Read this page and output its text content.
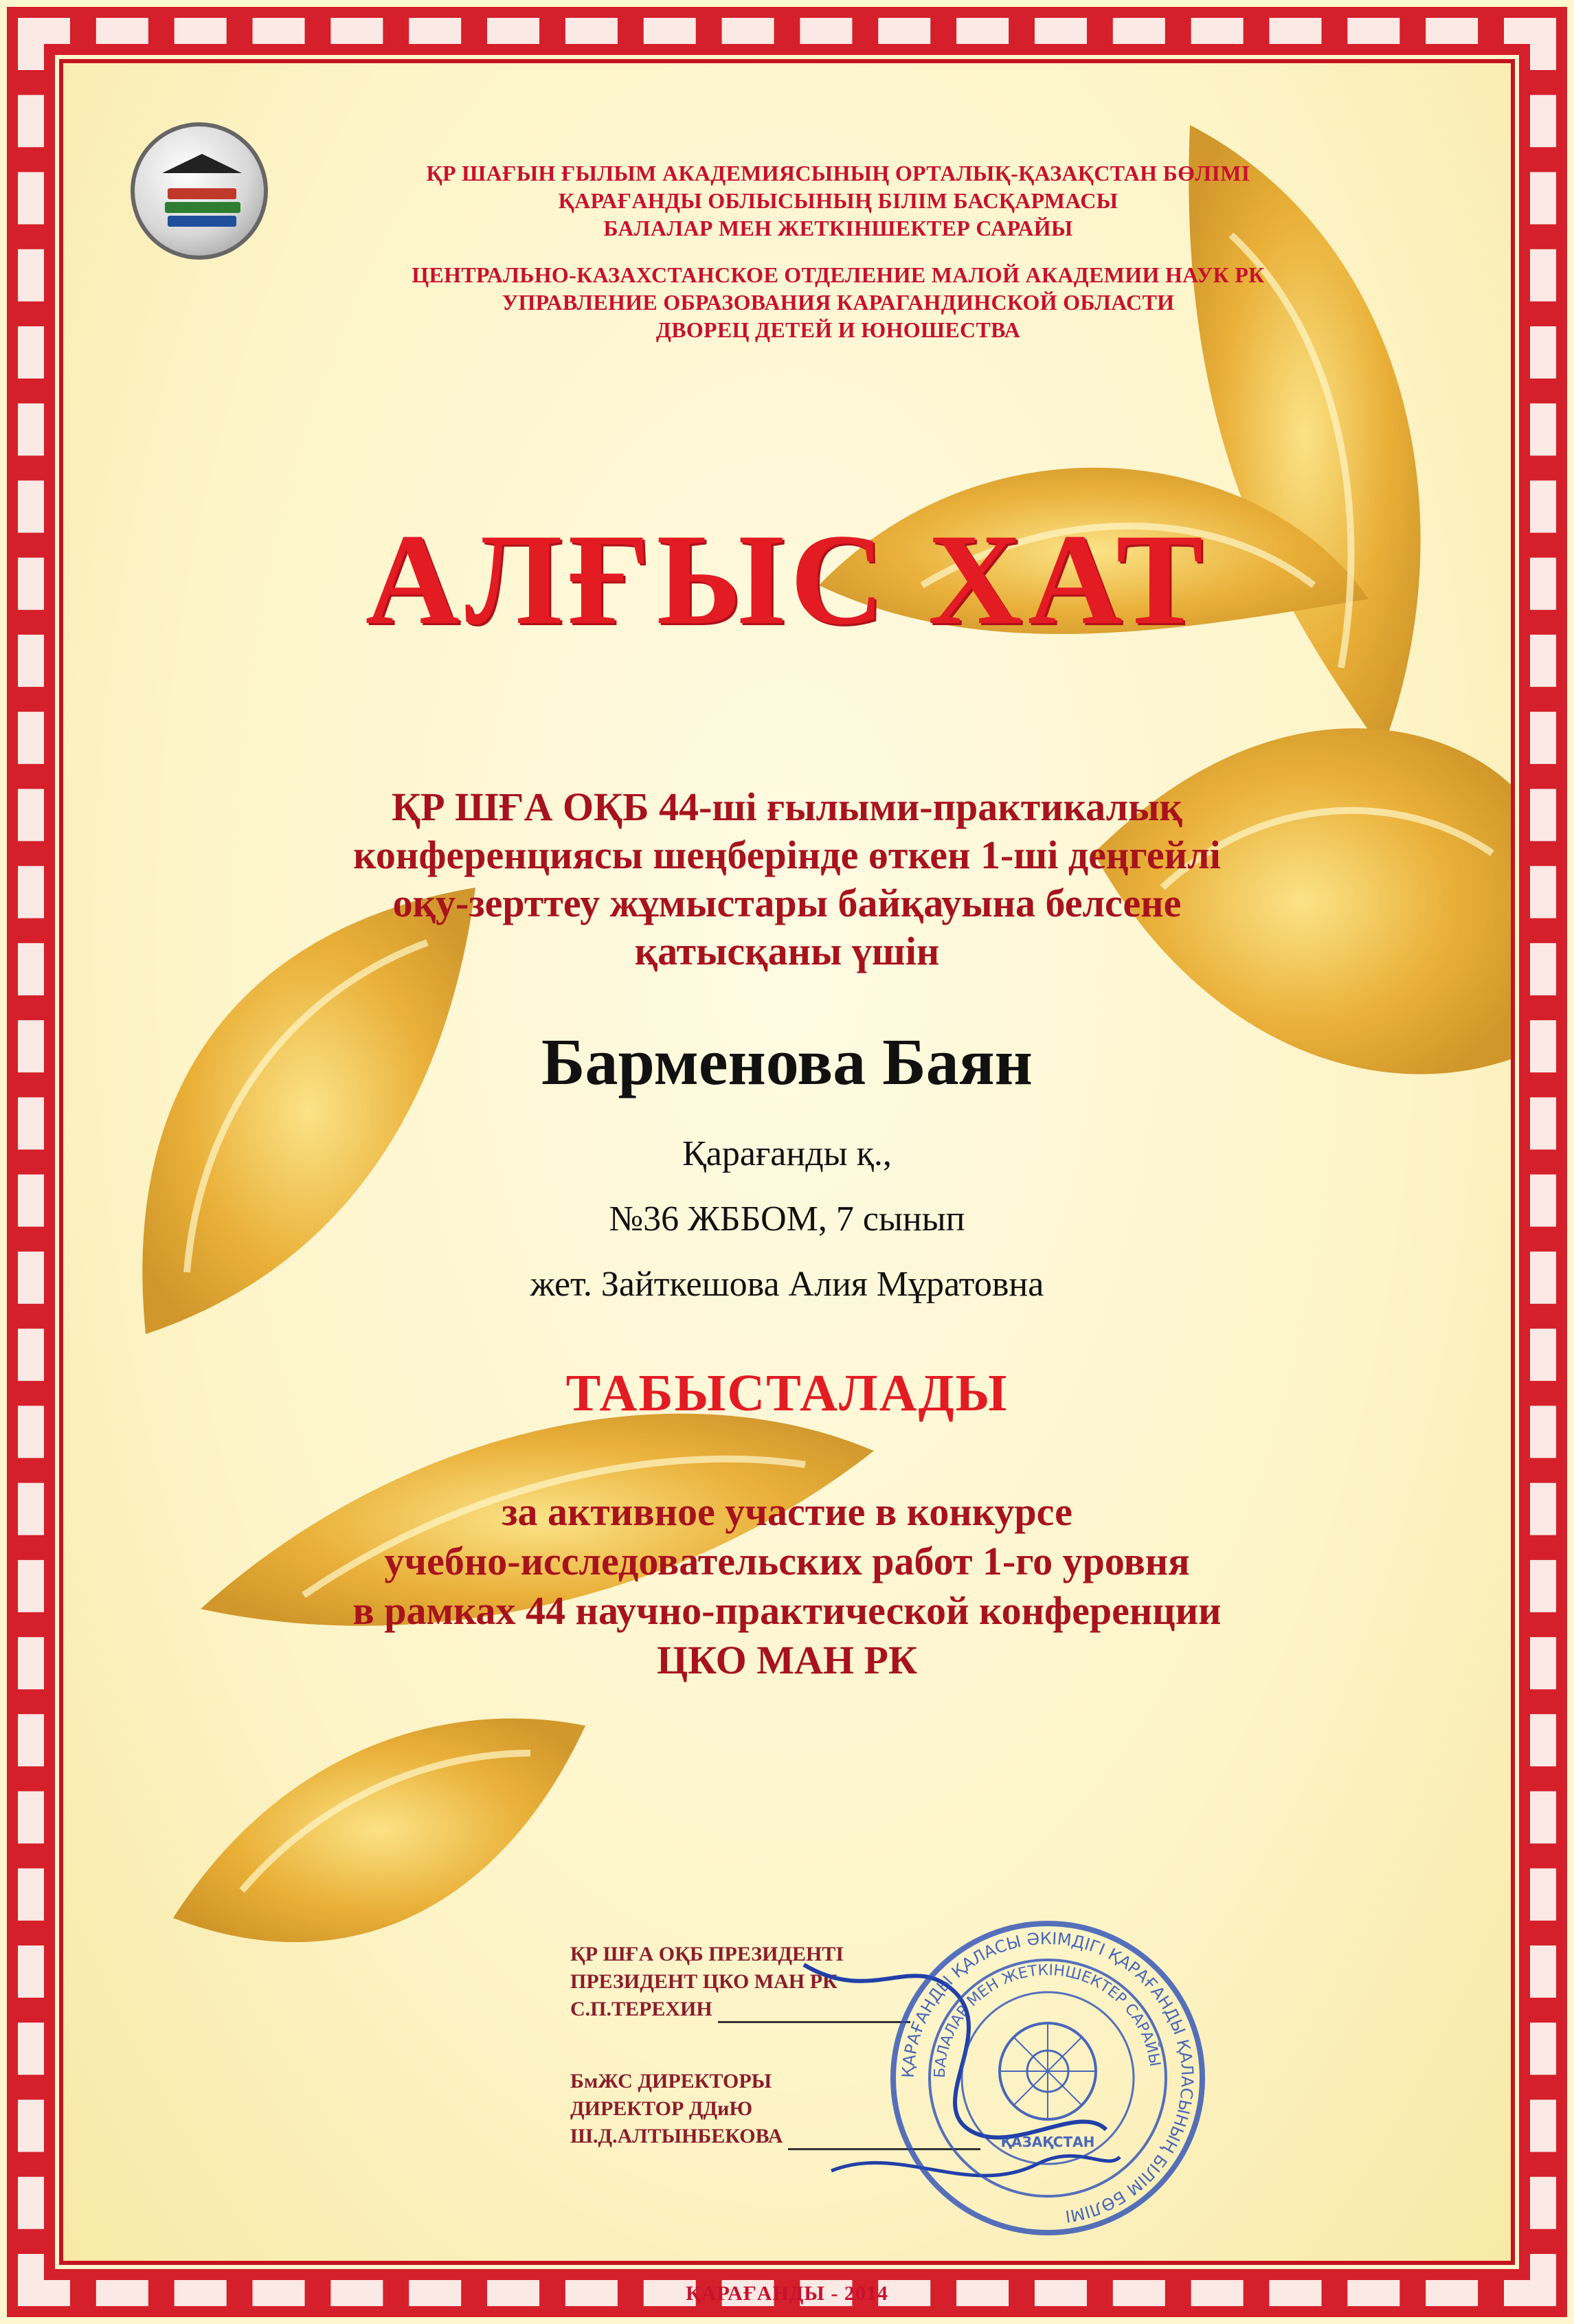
ҚР ШАҒЫН ҒЫЛЫМ АКАДЕМИЯСЫНЫҢ ОРТАЛЫҚ-ҚАЗАҚСТАН БӨЛІМІ
ҚАРАҒАНДЫ ОБЛЫСЫНЫҢ БІЛІМ БАСҚАРМАСЫ
БАЛАЛАР МЕН ЖЕТКІНШЕКТЕР САРАЙЫ
ЦЕНТРАЛЬНО-КАЗАХСТАНСКОЕ ОТДЕЛЕНИЕ МАЛОЙ АКАДЕМИИ НАУК РК
УПРАВЛЕНИЕ ОБРАЗОВАНИЯ КАРАГАНДИНСКОЙ ОБЛАСТИ
ДВОРЕЦ ДЕТЕЙ И ЮНОШЕСТВА
АЛҒЫС ХАТ
ҚР ШҒА ОҚБ 44-ші ғылыми-практикалық
конференциясы шеңберінде өткен 1-ші деңгейлі
оқу-зерттеу жұмыстары байқауына белсене
қатысқаны үшін
Барменова Баян
Қарағанды қ.,
№36 ЖББОМ, 7 сынып
жет. Зайткешова Алия Мұратовна
ТАБЫСТАЛАДЫ
за активное участие в конкурсе
учебно-исследовательских работ 1-го уровня
в рамках 44 научно-практической конференции
ЦКО МАН РК
ҚР ШҒА ОҚБ ПРЕЗИДЕНТІ
ПРЕЗИДЕНТ ЦКО МАН РК
С.П.ТЕРЕХИН
БмЖС ДИРЕКТОРЫ
ДИРЕКТОР ДДиЮ
Ш.Д.АЛТЫНБЕКОВА
ҚАРАҒАНДЫ ҚАЛАСЫ ӘКІМДІГІ ҚАРАҒАНДЫ ҚАЛАСЫНЫҢ БІЛІМ БӨЛІМІ
БАЛАЛАР МЕН ЖЕТКІНШЕКТЕР САРАЙЫ
ҚАЗАҚСТАН
ҚАРАҒАНДЫ - 2014
